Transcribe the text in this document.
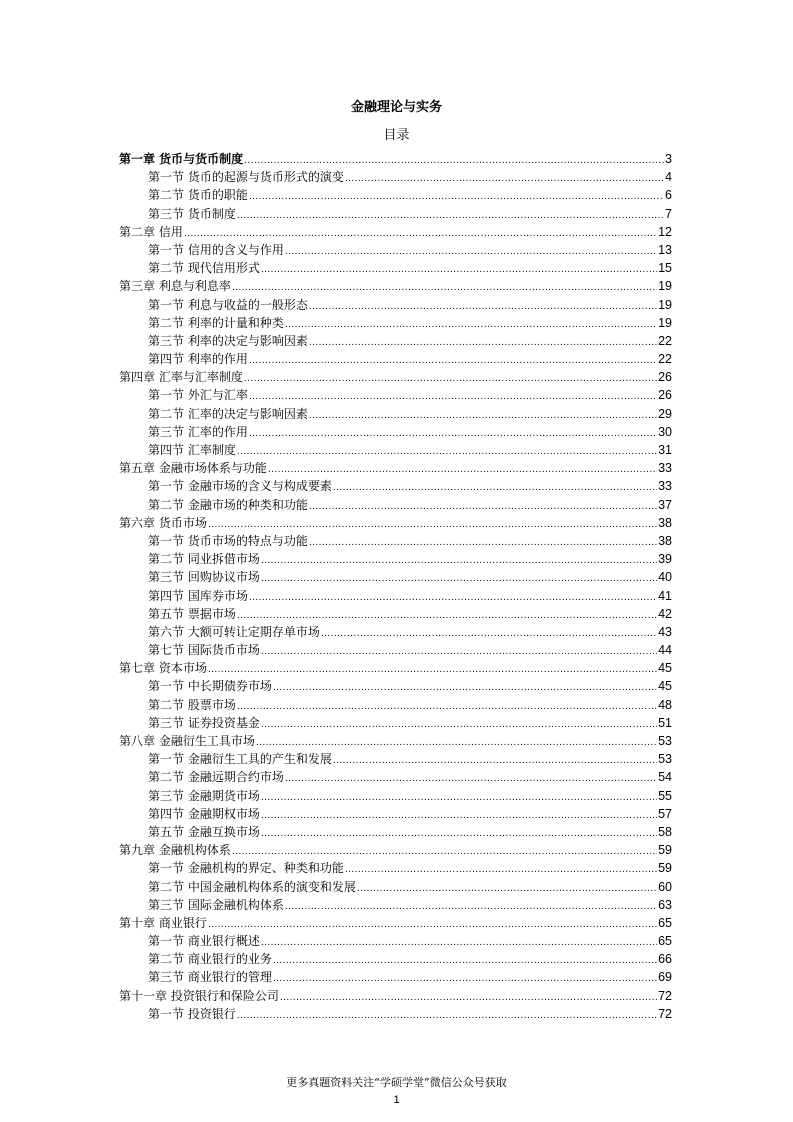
金融理论与实务
目录
第一章 货币与货币制度 .....	3
第一节 货币的起源与货币形式的演变 .....	4
第二节 货币的职能 .....	6
第三节 货币制度 .....	7
第二章 信用 .....	12
第一节 信用的含义与作用 .....	13
第二节 现代信用形式 .....	15
第三章 利息与利息率 .....	19
第一节 利息与收益的一般形态 .....	19
第二节 利率的计量和种类 .....	19
第三节 利率的决定与影响因素 .....	22
第四节 利率的作用 .....	22
第四章 汇率与汇率制度 .....	26
第一节 外汇与汇率 .....	26
第二节 汇率的决定与影响因素 .....	29
第三节 汇率的作用 .....	30
第四节 汇率制度 .....	31
第五章 金融市场体系与功能 .....	33
第一节 金融市场的含义与构成要素 .....	33
第二节 金融市场的种类和功能 .....	37
第六章 货币市场 .....	38
第一节 货币市场的特点与功能 .....	38
第二节 同业拆借市场 .....	39
第三节 回购协议市场 .....	40
第四节 国库券市场 .....	41
第五节 票据市场 .....	42
第六节 大额可转让定期存单市场 .....	43
第七节 国际货币市场 .....	44
第七章 资本市场 .....	45
第一节 中长期债券市场 .....	45
第二节 股票市场 .....	48
第三节 证券投资基金 .....	51
第八章 金融衍生工具市场 .....	53
第一节 金融衍生工具的产生和发展 .....	53
第二节 金融远期合约市场 .....	54
第三节 金融期货市场 .....	55
第四节 金融期权市场 .....	57
第五节 金融互换市场 .....	58
第九章 金融机构体系 .....	59
第一节 金融机构的界定、种类和功能 .....	59
第二节 中国金融机构体系的演变和发展 .....	60
第三节 国际金融机构体系 .....	63
第十章 商业银行 .....	65
第一节 商业银行概述 .....	65
第二节 商业银行的业务 .....	66
第三节 商业银行的管理 .....	69
第十一章 投资银行和保险公司 .....	72
第一节 投资银行 .....	72
更多真题资料关注“学硕学堂”微信公众号获取
1
